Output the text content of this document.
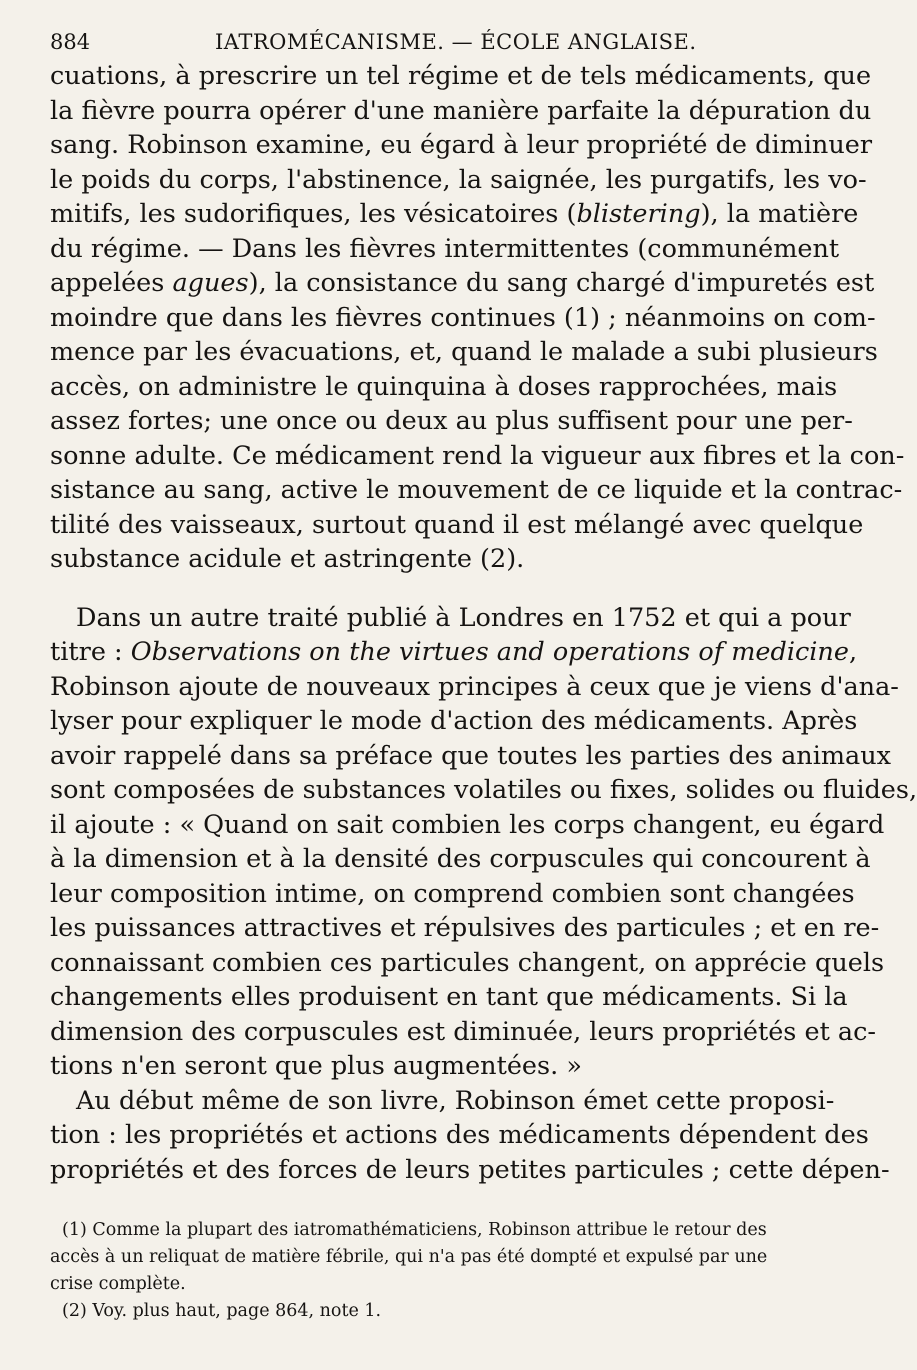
884	IATROMÉCANISME. — ÉCOLE ANGLAISE.

cuations, à prescrire un tel régime et de tels médicaments, que
la fièvre pourra opérer d'une manière parfaite la dépuration du
sang. Robinson examine, eu égard à leur propriété de diminuer
le poids du corps, l'abstinence, la saignée, les purgatifs, les vo-
mitifs, les sudorifiques, les vésicatoires (blistering), la matière
du régime. — Dans les fièvres intermittentes (communément
appelées agues), la consistance du sang chargé d'impuretés est
moindre que dans les fièvres continues (1) ; néanmoins on com-
mence par les évacuations, et, quand le malade a subi plusieurs
accès, on administre le quinquina à doses rapprochées, mais
assez fortes; une once ou deux au plus suffisent pour une per-
sonne adulte. Ce médicament rend la vigueur aux fibres et la con-
sistance au sang, active le mouvement de ce liquide et la contrac-
tilité des vaisseaux, surtout quand il est mélangé avec quelque
substance acidule et astringente (2).

Dans un autre traité publié à Londres en 1752 et qui a pour
titre : Observations on the virtues and operations of medicine,
Robinson ajoute de nouveaux principes à ceux que je viens d'ana-
lyser pour expliquer le mode d'action des médicaments. Après
avoir rappelé dans sa préface que toutes les parties des animaux
sont composées de substances volatiles ou fixes, solides ou fluides,
il ajoute : « Quand on sait combien les corps changent, eu égard
à la dimension et à la densité des corpuscules qui concourent à
leur composition intime, on comprend combien sont changées
les puissances attractives et répulsives des particules ; et en re-
connaissant combien ces particules changent, on apprécie quels
changements elles produisent en tant que médicaments. Si la
dimension des corpuscules est diminuée, leurs propriétés et ac-
tions n'en seront que plus augmentées. »

Au début même de son livre, Robinson émet cette proposi-
tion : les propriétés et actions des médicaments dépendent des
propriétés et des forces de leurs petites particules ; cette dépen-

(1) Comme la plupart des iatromathématiciens, Robinson attribue le retour des
accès à un reliquat de matière fébrile, qui n'a pas été dompté et expulsé par une
crise complète.

(2) Voy. plus haut, page 864, note 1.
